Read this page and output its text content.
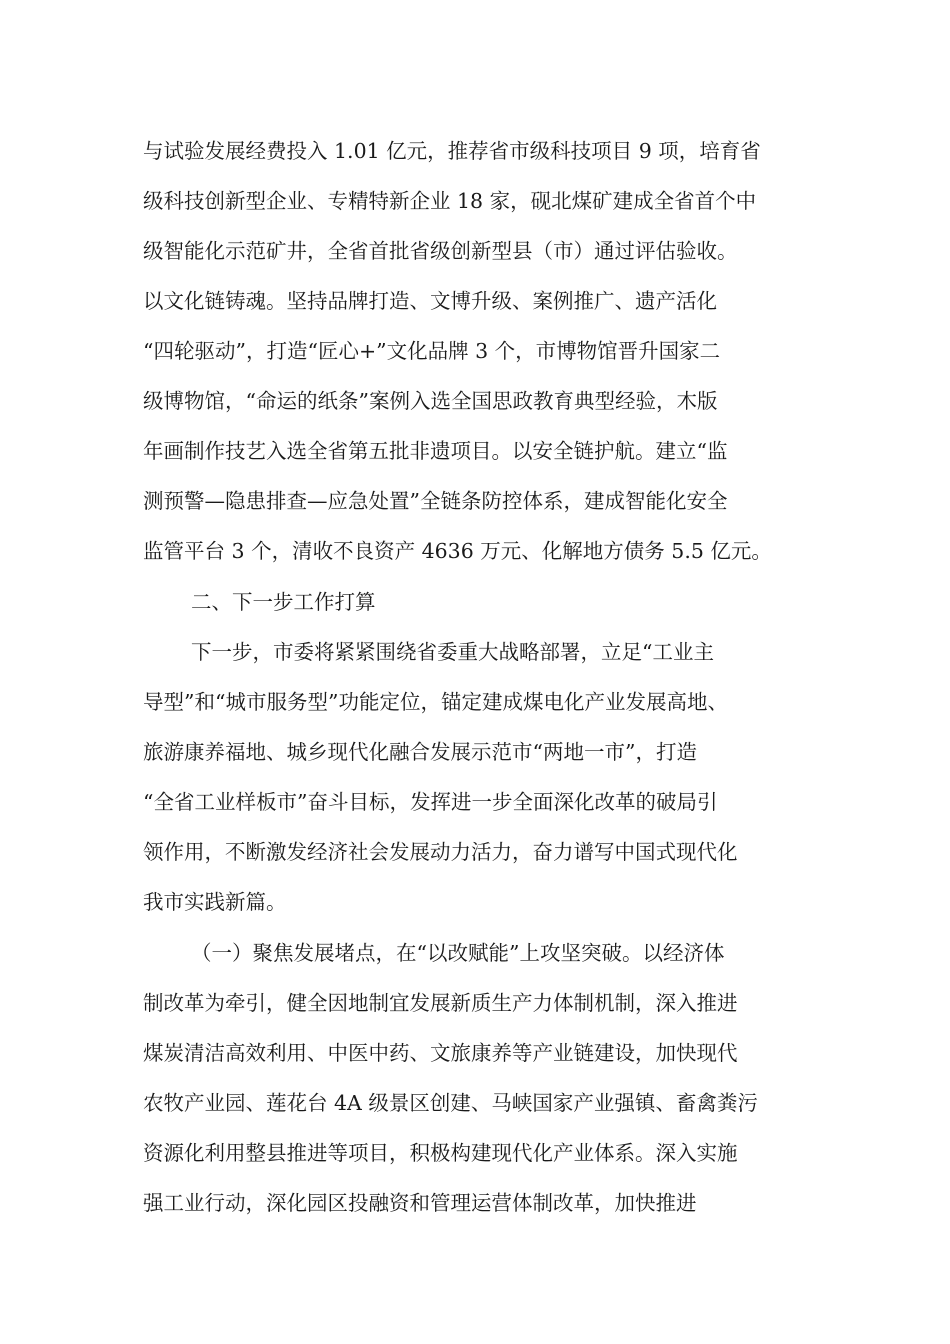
与试验发展经费投入 1.01 亿元，推荐省市级科技项目 9 项，培育省

级科技创新型企业、专精特新企业 18 家，砚北煤矿建成全省首个中

级智能化示范矿井，全省首批省级创新型县（市）通过评估验收。

以文化链铸魂。坚持品牌打造、文博升级、案例推广、遗产活化

“四轮驱动”，打造“匠心+”文化品牌 3 个，市博物馆晋升国家二

级博物馆，“命运的纸条”案例入选全国思政教育典型经验，木版

年画制作技艺入选全省第五批非遗项目。以安全链护航。建立“监

测预警—隐患排查—应急处置”全链条防控体系，建成智能化安全

监管平台 3 个，清收不良资产 4636 万元、化解地方债务 5.5 亿元。

二、下一步工作打算

下一步，市委将紧紧围绕省委重大战略部署，立足“工业主

导型”和“城市服务型”功能定位，锚定建成煤电化产业发展高地、

旅游康养福地、城乡现代化融合发展示范市“两地一市”，打造

“全省工业样板市”奋斗目标，发挥进一步全面深化改革的破局引

领作用，不断激发经济社会发展动力活力，奋力谱写中国式现代化

我市实践新篇。

（一）聚焦发展堵点，在“以改赋能”上攻坚突破。以经济体

制改革为牵引，健全因地制宜发展新质生产力体制机制，深入推进

煤炭清洁高效利用、中医中药、文旅康养等产业链建设，加快现代

农牧产业园、莲花台 4A 级景区创建、马峡国家产业强镇、畜禽粪污

资源化利用整县推进等项目，积极构建现代化产业体系。深入实施

强工业行动，深化园区投融资和管理运营体制改革，加快推进
